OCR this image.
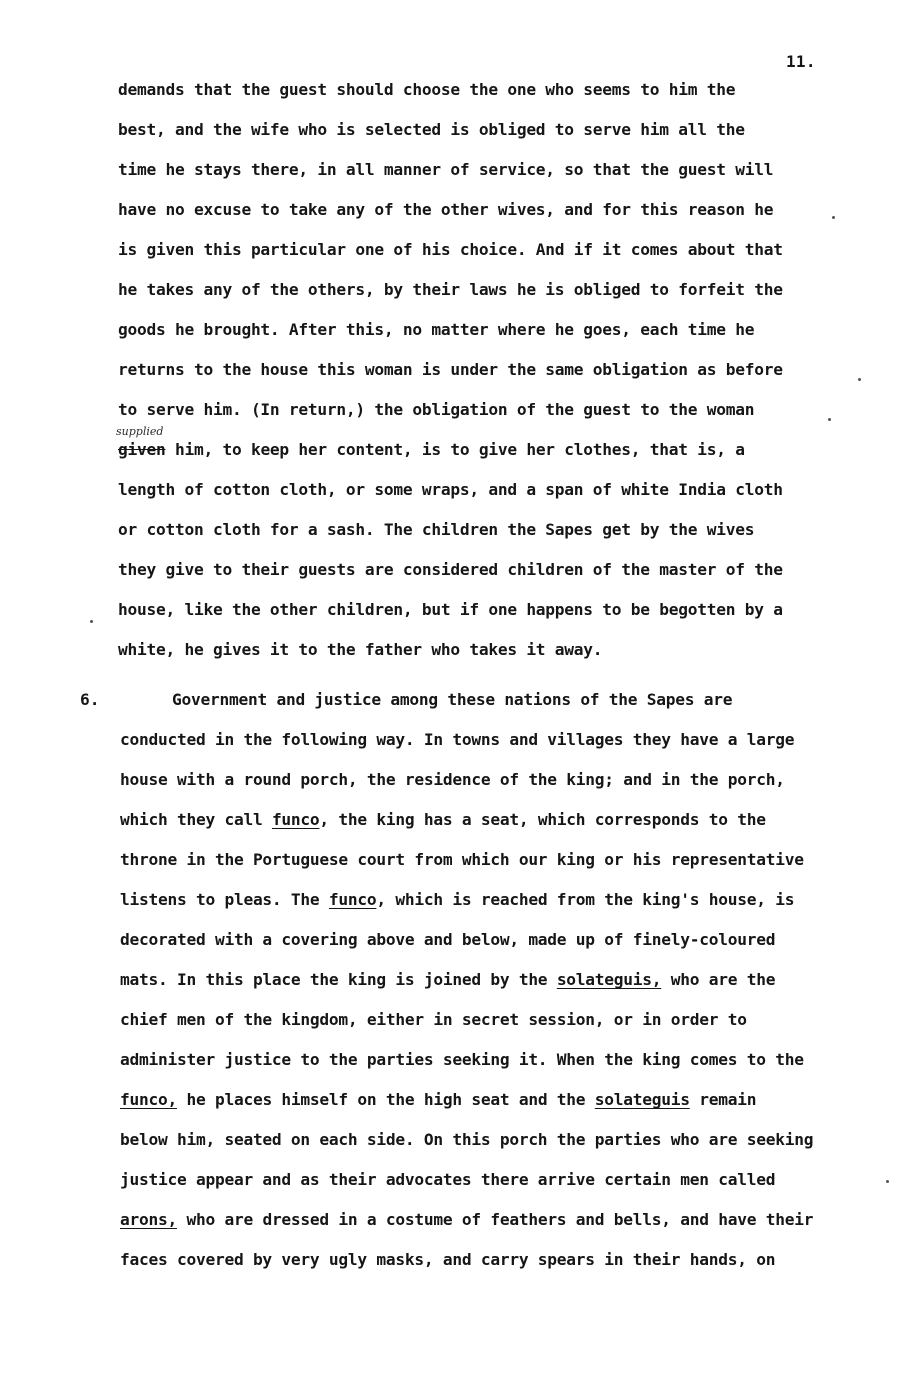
11.
demands that the guest should choose the one who seems to him the
best, and the wife who is selected is obliged to serve him all the
time he stays there, in all manner of service, so that the guest will
have no excuse to take any of the other wives, and for this reason he
is given this particular one of his choice. And if it comes about that
he takes any of the others, by their laws he is obliged to forfeit the
goods he brought. After this, no matter where he goes, each time he
returns to the house this woman is under the same obligation as before
to serve him. (In return,) the obligation of the guest to the woman
supplied
given him, to keep her content, is to give her clothes, that is, a
length of cotton cloth, or some wraps, and a span of white India cloth
or cotton cloth for a sash. The children the Sapes get by the wives
they give to their guests are considered children of the master of the
house, like the other children, but if one happens to be begotten by a
white, he gives it to the father who takes it away.
6.	Government and justice among these nations of the Sapes are
conducted in the following way. In towns and villages they have a large
house with a round porch, the residence of the king; and in the porch,
which they call funco, the king has a seat, which corresponds to the
throne in the Portuguese court from which our king or his representative
listens to pleas. The funco, which is reached from the king's house, is
decorated with a covering above and below, made up of finely-coloured
mats. In this place the king is joined by the solateguis, who are the
chief men of the kingdom, either in secret session, or in order to
administer justice to the parties seeking it. When the king comes to the
funco, he places himself on the high seat and the solateguis remain
below him, seated on each side. On this porch the parties who are seeking
justice appear and as their advocates there arrive certain men called
arons, who are dressed in a costume of feathers and bells, and have their
faces covered by very ugly masks, and carry spears in their hands, on
